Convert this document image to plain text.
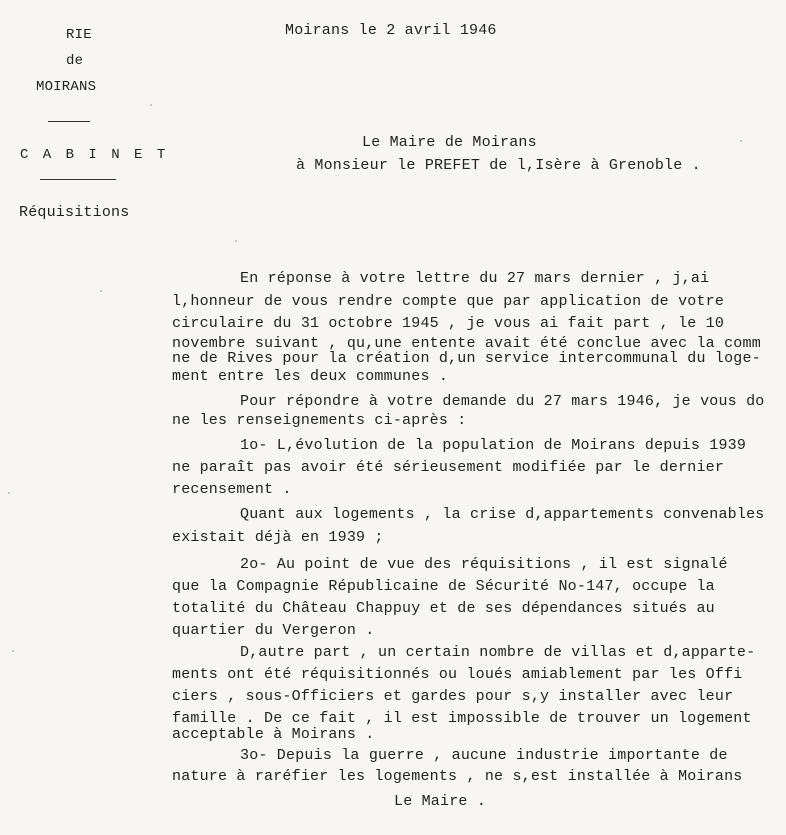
RIE
de
MOIRANS
C A B I N E T
Réquisitions
Moirans le 2 avril 1946
Le Maire de Moirans
à Monsieur le PREFET de l,Isère à Grenoble .
En réponse à votre lettre du 27 mars dernier , j,ai
l,honneur de vous rendre compte que par application de votre
circulaire du 31 octobre 1945 , je vous ai fait part , le 10
novembre suivant , qu,une entente avait été conclue avec la comm
ne de Rives pour la création d,un service intercommunal du loge-
ment entre les deux communes .
Pour répondre à votre demande du 27 mars 1946, je vous do
ne les renseignements ci-après :
1o- L,évolution de la population de Moirans depuis 1939
ne paraît pas avoir été sérieusement modifiée par le dernier
recensement .
Quant aux logements , la crise d,appartements convenables
existait déjà en 1939 ;
2o- Au point de vue des réquisitions , il est signalé
que la Compagnie Républicaine de Sécurité No-147, occupe la
totalité du Château Chappuy et de ses dépendances situés au
quartier du Vergeron .
D,autre part , un certain nombre de villas et d,apparte-
ments ont été réquisitionnés ou loués amiablement par les Offi
ciers , sous-Officiers et gardes pour s,y installer avec leur
famille . De ce fait , il est impossible de trouver un logement
acceptable à Moirans .
3o- Depuis la guerre , aucune industrie importante de
nature à raréfier les logements , ne s,est installée à Moirans
Le Maire .
